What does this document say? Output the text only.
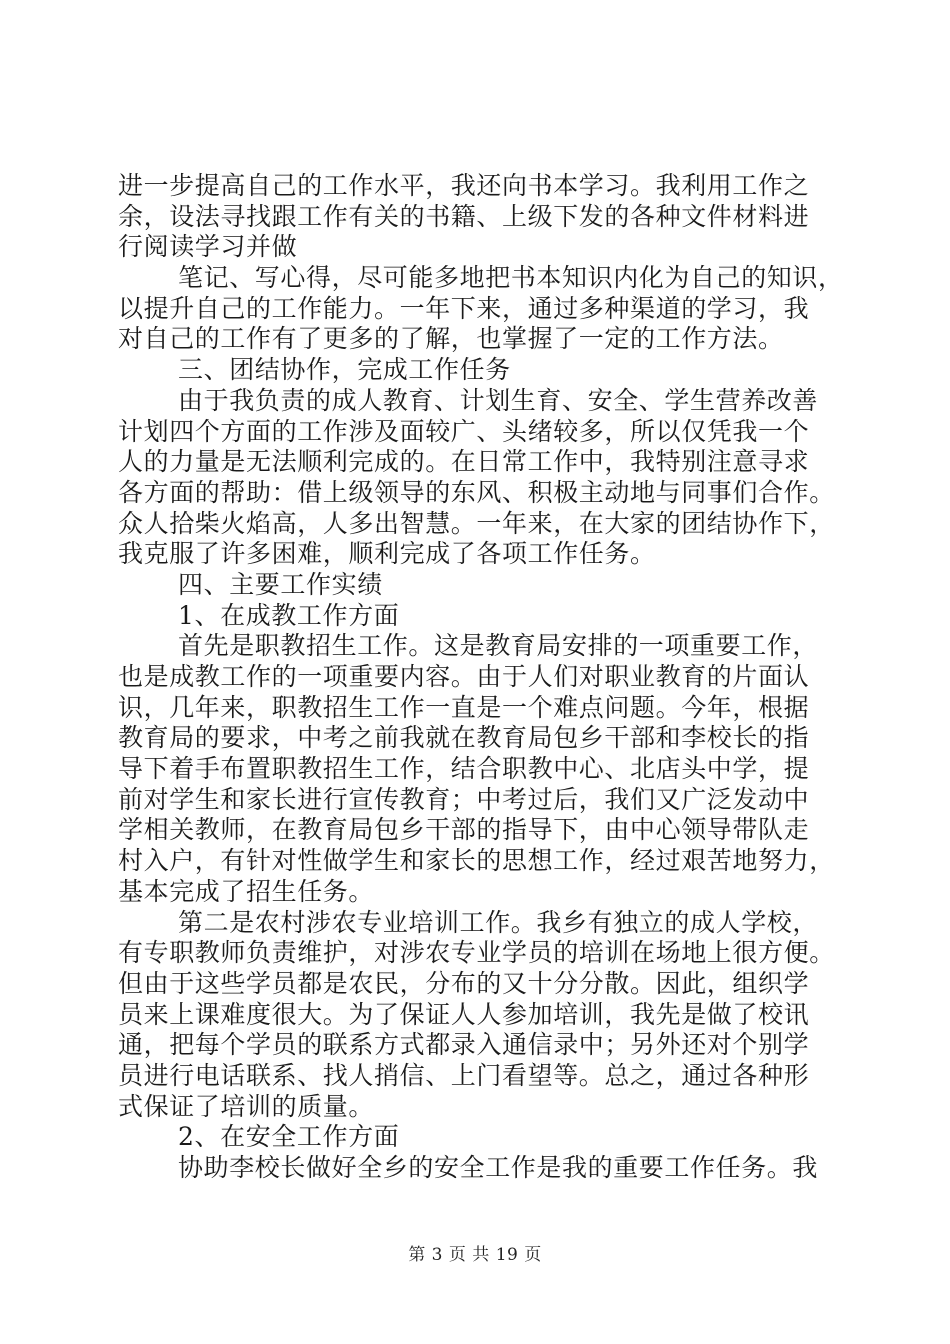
进一步提高自己的工作水平，我还向书本学习。我利用工作之
余，设法寻找跟工作有关的书籍、上级下发的各种文件材料进
行阅读学习并做
笔记、写心得，尽可能多地把书本知识内化为自己的知识，
以提升自己的工作能力。一年下来，通过多种渠道的学习，我
对自己的工作有了更多的了解，也掌握了一定的工作方法。
三、团结协作，完成工作任务
由于我负责的成人教育、计划生育、安全、学生营养改善
计划四个方面的工作涉及面较广、头绪较多，所以仅凭我一个
人的力量是无法顺利完成的。在日常工作中，我特别注意寻求
各方面的帮助：借上级领导的东风、积极主动地与同事们合作。
众人拾柴火焰高，人多出智慧。一年来，在大家的团结协作下，
我克服了许多困难，顺利完成了各项工作任务。
四、主要工作实绩
1、在成教工作方面
首先是职教招生工作。这是教育局安排的一项重要工作，
也是成教工作的一项重要内容。由于人们对职业教育的片面认
识，几年来，职教招生工作一直是一个难点问题。今年，根据
教育局的要求，中考之前我就在教育局包乡干部和李校长的指
导下着手布置职教招生工作，结合职教中心、北店头中学，提
前对学生和家长进行宣传教育；中考过后，我们又广泛发动中
学相关教师，在教育局包乡干部的指导下，由中心领导带队走
村入户，有针对性做学生和家长的思想工作，经过艰苦地努力，
基本完成了招生任务。
第二是农村涉农专业培训工作。我乡有独立的成人学校，
有专职教师负责维护，对涉农专业学员的培训在场地上很方便。
但由于这些学员都是农民，分布的又十分分散。因此，组织学
员来上课难度很大。为了保证人人参加培训，我先是做了校讯
通，把每个学员的联系方式都录入通信录中；另外还对个别学
员进行电话联系、找人捎信、上门看望等。总之，通过各种形
式保证了培训的质量。
2、在安全工作方面
协助李校长做好全乡的安全工作是我的重要工作任务。我
第 3 页 共 19 页
